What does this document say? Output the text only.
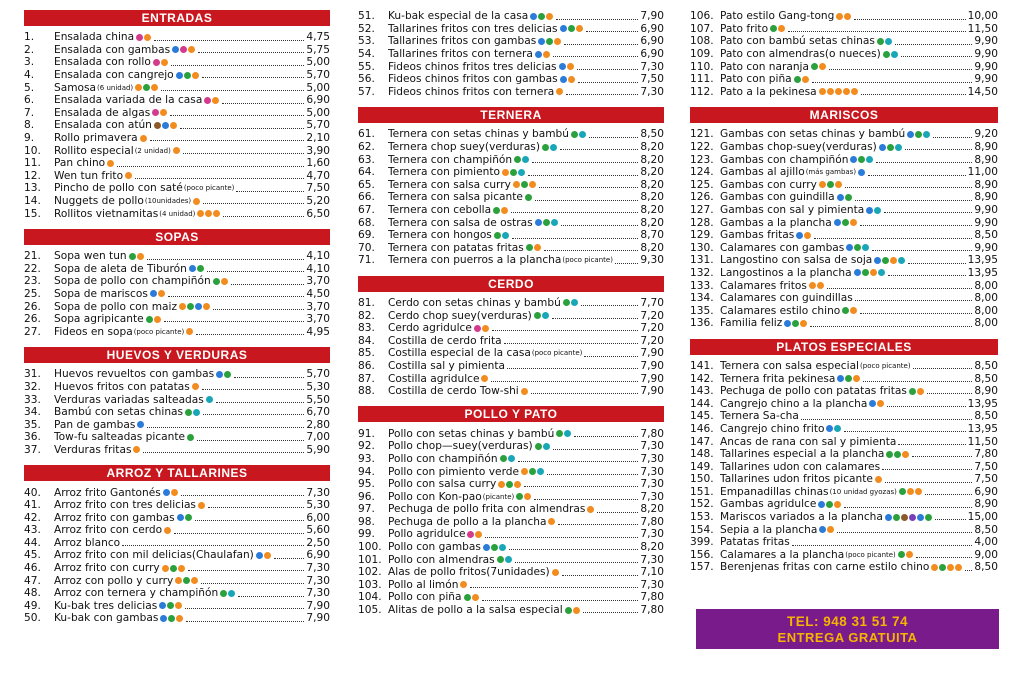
ENTRADAS
1.	Ensalada china	4,75
2.	Ensalada con gambas	5,75
3.	Ensalada con rollo	5,00
4.	Ensalada con cangrejo	5,70
5.	Samosa (6 unidad)	5,00
6.	Ensalada variada de la casa	6,90
7.	Ensalada de algas	5,00
8.	Ensalada con atún	5,70
9.	Rollo primavera	2,10
10.	Rollito especial (2 unidad)	3,90
11.	Pan chino	1,60
12.	Wen tun frito	4,70
13.	Pincho de pollo con saté (poco picante)	7,50
14.	Nuggets de pollo (10unidades)	5,20
15.	Rollitos vietnamitas (4 unidad)	6,50
SOPAS
21.	Sopa wen tun	4,10
22.	Sopa de aleta de Tiburón	4,10
23.	Sopa de pollo con champiñón	3,70
25.	Sopa de mariscos	4,50
26.	Sopa de pollo con maiz	3,70
26.	Sopa agripicante	3,70
27.	Fideos en sopa (poco picante)	4,95
HUEVOS Y VERDURAS
31.	Huevos revueltos con gambas	5,70
32.	Huevos fritos con patatas	5,30
33.	Verduras variadas salteadas	5,50
34.	Bambú con setas chinas	6,70
35.	Pan de gambas	2,80
36.	Tow-fu salteadas picante	7,00
37.	Verduras fritas	5,90
ARROZ Y TALLARINES
40.	Arroz frito Gantonés	7,30
41.	Arroz frito con tres delicias	5,30
42.	Arroz frito con gambas	6,00
43.	Arroz frito con cerdo	5,60
44.	Arroz blanco	2,50
45.	Arroz frito con mil delicias(Chaulafan)	6,90
46.	Arroz frito con curry	7,30
47.	Arroz con pollo y curry	7,30
48.	Arroz con ternera y champiñón	7,30
49.	Ku-bak tres delicias	7,90
50.	Ku-bak con gambas	7,90
51.	Ku-bak especial de la casa	7,90
52.	Tallarines fritos con tres delicias	6,90
53.	Tallarines fritos con gambas	6,90
54.	Tallarines fritos con ternera	6,90
55.	Fideos chinos fritos tres delicias	7,30
56.	Fideos chinos fritos con gambas	7,50
57.	Fideos chinos fritos con ternera	7,30
TERNERA
61.	Ternera con setas chinas y bambú	8,50
62.	Ternera chop suey(verduras)	8,20
63.	Ternera con champiñón	8,20
64.	Ternera con pimiento	8,20
65.	Ternera con salsa curry	8,20
66.	Ternera con salsa picante	8,20
67.	Ternera con cebolla	8,20
68.	Ternera con salsa de ostras	8,20
69.	Ternera con hongos	8,70
70.	Ternera con patatas fritas	8,20
71.	Ternera con puerros a la plancha (poco picante)	9,30
CERDO
81.	Cerdo con setas chinas y bambú	7,70
82.	Cerdo chop suey(verduras)	7,20
83.	Cerdo agridulce	7,20
84.	Costilla de cerdo frita	7,20
85.	Costilla especial de la casa (poco picante)	7,90
86.	Costilla sal y pimienta	7,90
87.	Costilla agridulce	7,90
88.	Costilla de cerdo Tow-shi	7,90
POLLO Y PATO
91.	Pollo con setas chinas y bambú	7,80
92.	Pollo chop—suey(verduras)	7,30
93.	Pollo con champiñón	7,30
94.	Pollo con pimiento verde	7,30
95.	Pollo con salsa curry	7,30
96.	Pollo con Kon-pao (picante)	7,30
97.	Pechuga de pollo frita con almendras	8,20
98.	Pechuga de pollo a la plancha	7,80
99.	Pollo agridulce	7,30
100. Pollo con gambas	8,20
101. Pollo con almendras	7,30
102. Alas de pollo fritos(7unidades)	7,10
103. Pollo al limón	7,30
104. Pollo con piña	7,80
105. Alitas de pollo a la salsa especial	7,80
106. Pato estilo Gang-tong	10,00
107. Pato frito	11,50
108. Pato con bambú setas chinas	9,90
109. Pato con almendras(o nueces)	9,90
110. Pato con naranja	9,90
111. Pato con piña	9,90
112. Pato a la pekinesa	14,50
MARISCOS
121. Gambas con setas chinas y bambú	9,20
122. Gambas chop-suey(verduras)	8,90
123. Gambas con champiñón	8,90
124. Gambas al ajillo (más gambas)	11,00
125. Gambas con curry	8,90
126. Gambas con guindilla	8,90
127. Gambas con sal y pimienta	9,90
128. Gambas a la plancha	9,90
129. Gambas fritas	8,50
130. Calamares con gambas	9,90
131. Langostino con salsa de soja	13,95
132. Langostinos a la plancha	13,95
133. Calamares fritos	8,00
134. Calamares con guindillas	8,00
135. Calamares estilo chino	8,00
136. Familia feliz	8,00
PLATOS ESPECIALES
141. Ternera con salsa especial (poco picante)	8,50
142. Ternera frita pekinesa	8,50
143. Pechuga de pollo con patatas fritas	8,90
144. Cangrejo chino a la plancha	13,95
145. Ternera Sa-cha	8,50
146. Cangrejo chino frito	13,95
147. Ancas de rana con sal y pimienta	11,50
148. Tallarines especial a la plancha	7,80
149. Tallarines udon con calamares	7,50
150. Tallarines udon fritos picante	7,50
151. Empanadillas chinas (10 unidad gyozas)	6,90
152. Gambas agridulce	8,90
153. Mariscos variados a la plancha	15,00
154. Sepia a la plancha	8,50
399. Patatas fritas	4,00
156. Calamares a la plancha (poco picante)	9,00
157. Berenjenas fritas con carne estilo chino	8,50
TEL: 948 31 51 74
ENTREGA GRATUITA
